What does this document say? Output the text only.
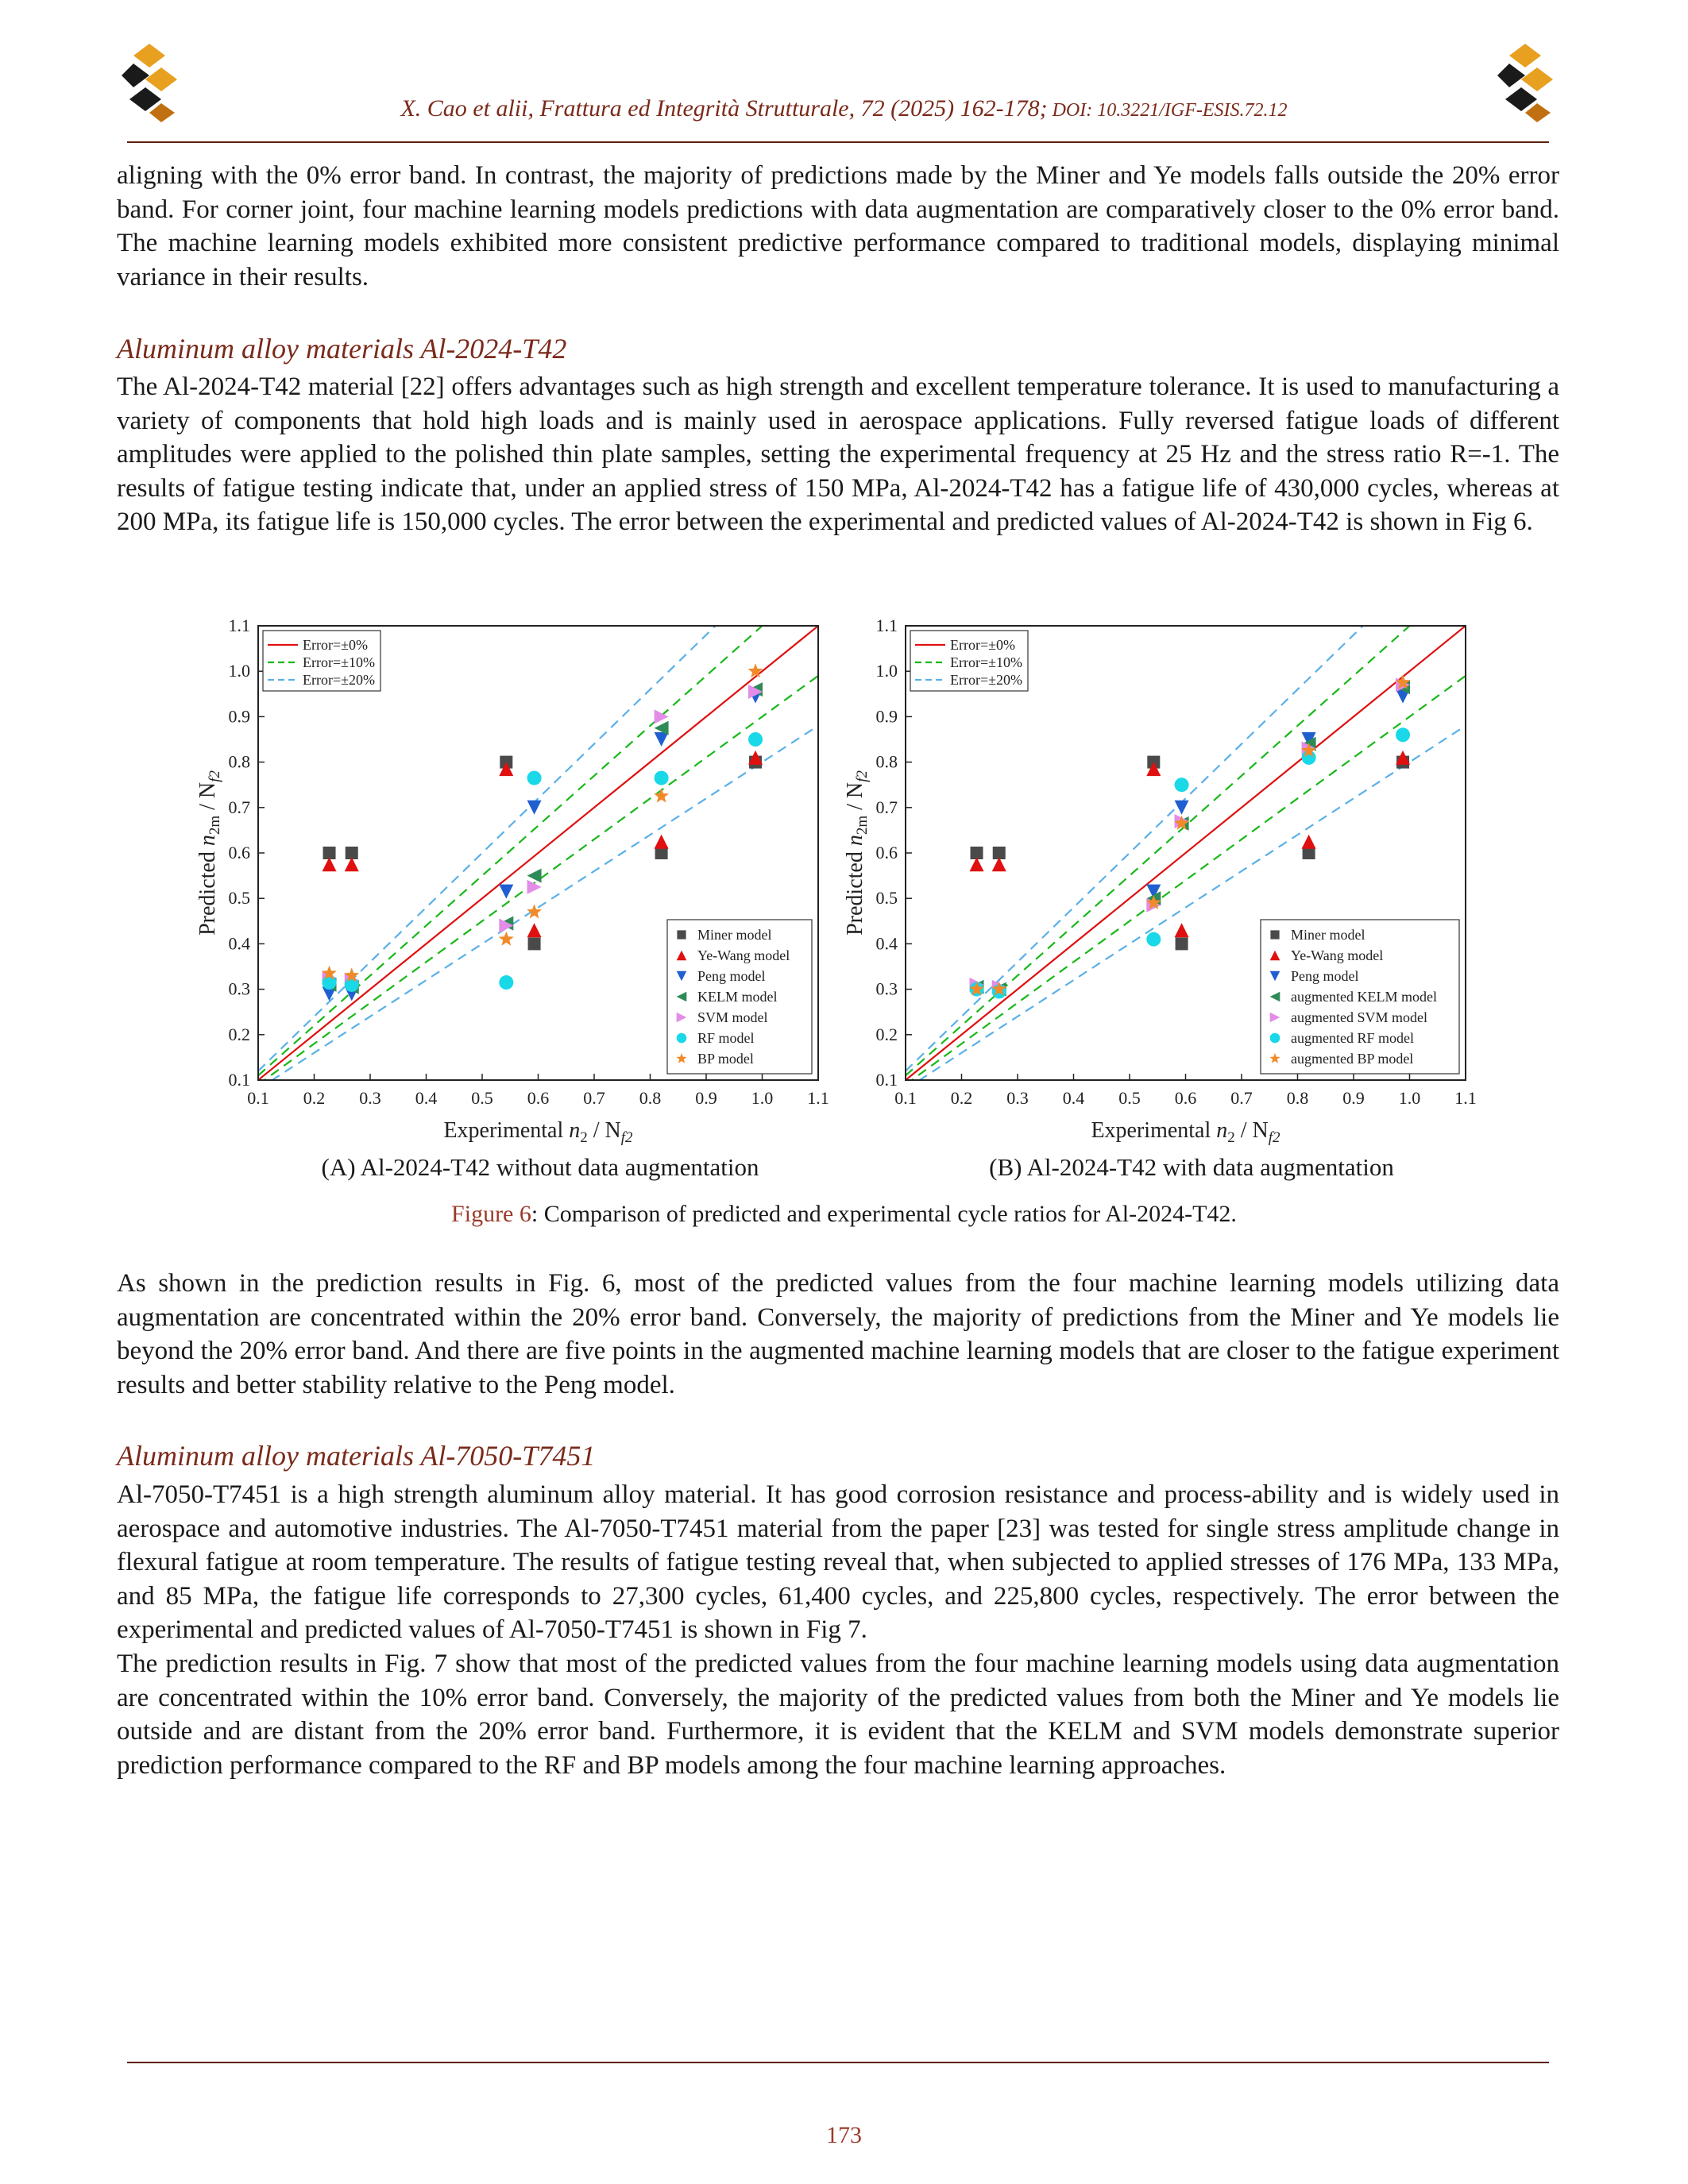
X. Cao et alii, Frattura ed Integrità Strutturale, 72 (2025) 162-178; DOI: 10.3221/IGF-ESIS.72.12

aligning with the 0% error band. In contrast, the majority of predictions made by the Miner and Ye models falls outside the 20% error band. For corner joint, four machine learning models predictions with data augmentation are comparatively closer to the 0% error band. The machine learning models exhibited more consistent predictive performance compared to traditional models, displaying minimal variance in their results.

Aluminum alloy materials Al-2024-T42

The Al-2024-T42 material [22] offers advantages such as high strength and excellent temperature tolerance. It is used to manufacturing a variety of components that hold high loads and is mainly used in aerospace applications. Fully reversed fatigue loads of different amplitudes were applied to the polished thin plate samples, setting the experimental frequency at 25 Hz and the stress ratio R=-1. The results of fatigue testing indicate that, under an applied stress of 150 MPa, Al-2024-T42 has a fatigue life of 430,000 cycles, whereas at 200 MPa, its fatigue life is 150,000 cycles. The error between the experimental and predicted values of Al-2024-T42 is shown in Fig 6.

0.1
0.1
0.2
0.2
0.3
0.3
0.4
0.4
0.5
0.5
0.6
0.6
0.7
0.7
0.8
0.8
0.9
0.9
1.0
1.0
1.1
1.1
Experimental $n_2 / N_{f2}$
Predicted $n_{2m} / N_{f2}$
Error=±0%
Error=±10%
Error=±20%
Miner model
Ye-Wang model
Peng model
KELM model
SVM model
RF model
BP model
0.1
0.1
0.2
0.2
0.3
0.3
0.4
0.4
0.5
0.5
0.6
0.6
0.7
0.7
0.8
0.8
0.9
0.9
1.0
1.0
1.1
1.1
Experimental $n_2 / N_{f2}$
Predicted $n_{2m} / N_{f2}$
Error=±0%
Error=±10%
Error=±20%
Miner model
Ye-Wang model
Peng model
augmented KELM model
augmented SVM model
augmented RF model
augmented BP model
(A) Al-2024-T42 without data augmentation	(B) Al-2024-T42 with data augmentation
Figure 6: Comparison of predicted and experimental cycle ratios for Al-2024-T42.

As shown in the prediction results in Fig. 6, most of the predicted values from the four machine learning models utilizing data augmentation are concentrated within the 20% error band. Conversely, the majority of predictions from the Miner and Ye models lie beyond the 20% error band. And there are five points in the augmented machine learning models that are closer to the fatigue experiment results and better stability relative to the Peng model.

Aluminum alloy materials Al-7050-T7451

Al-7050-T7451 is a high strength aluminum alloy material. It has good corrosion resistance and process-ability and is widely used in aerospace and automotive industries. The Al-7050-T7451 material from the paper [23] was tested for single stress amplitude change in flexural fatigue at room temperature. The results of fatigue testing reveal that, when subjected to applied stresses of 176 MPa, 133 MPa, and 85 MPa, the fatigue life corresponds to 27,300 cycles, 61,400 cycles, and 225,800 cycles, respectively. The error between the experimental and predicted values of Al-7050-T7451 is shown in Fig 7.

The prediction results in Fig. 7 show that most of the predicted values from the four machine learning models using data augmentation are concentrated within the 10% error band. Conversely, the majority of the predicted values from both the Miner and Ye models lie outside and are distant from the 20% error band. Furthermore, it is evident that the KELM and SVM models demonstrate superior prediction performance compared to the RF and BP models among the four machine learning approaches.

173
